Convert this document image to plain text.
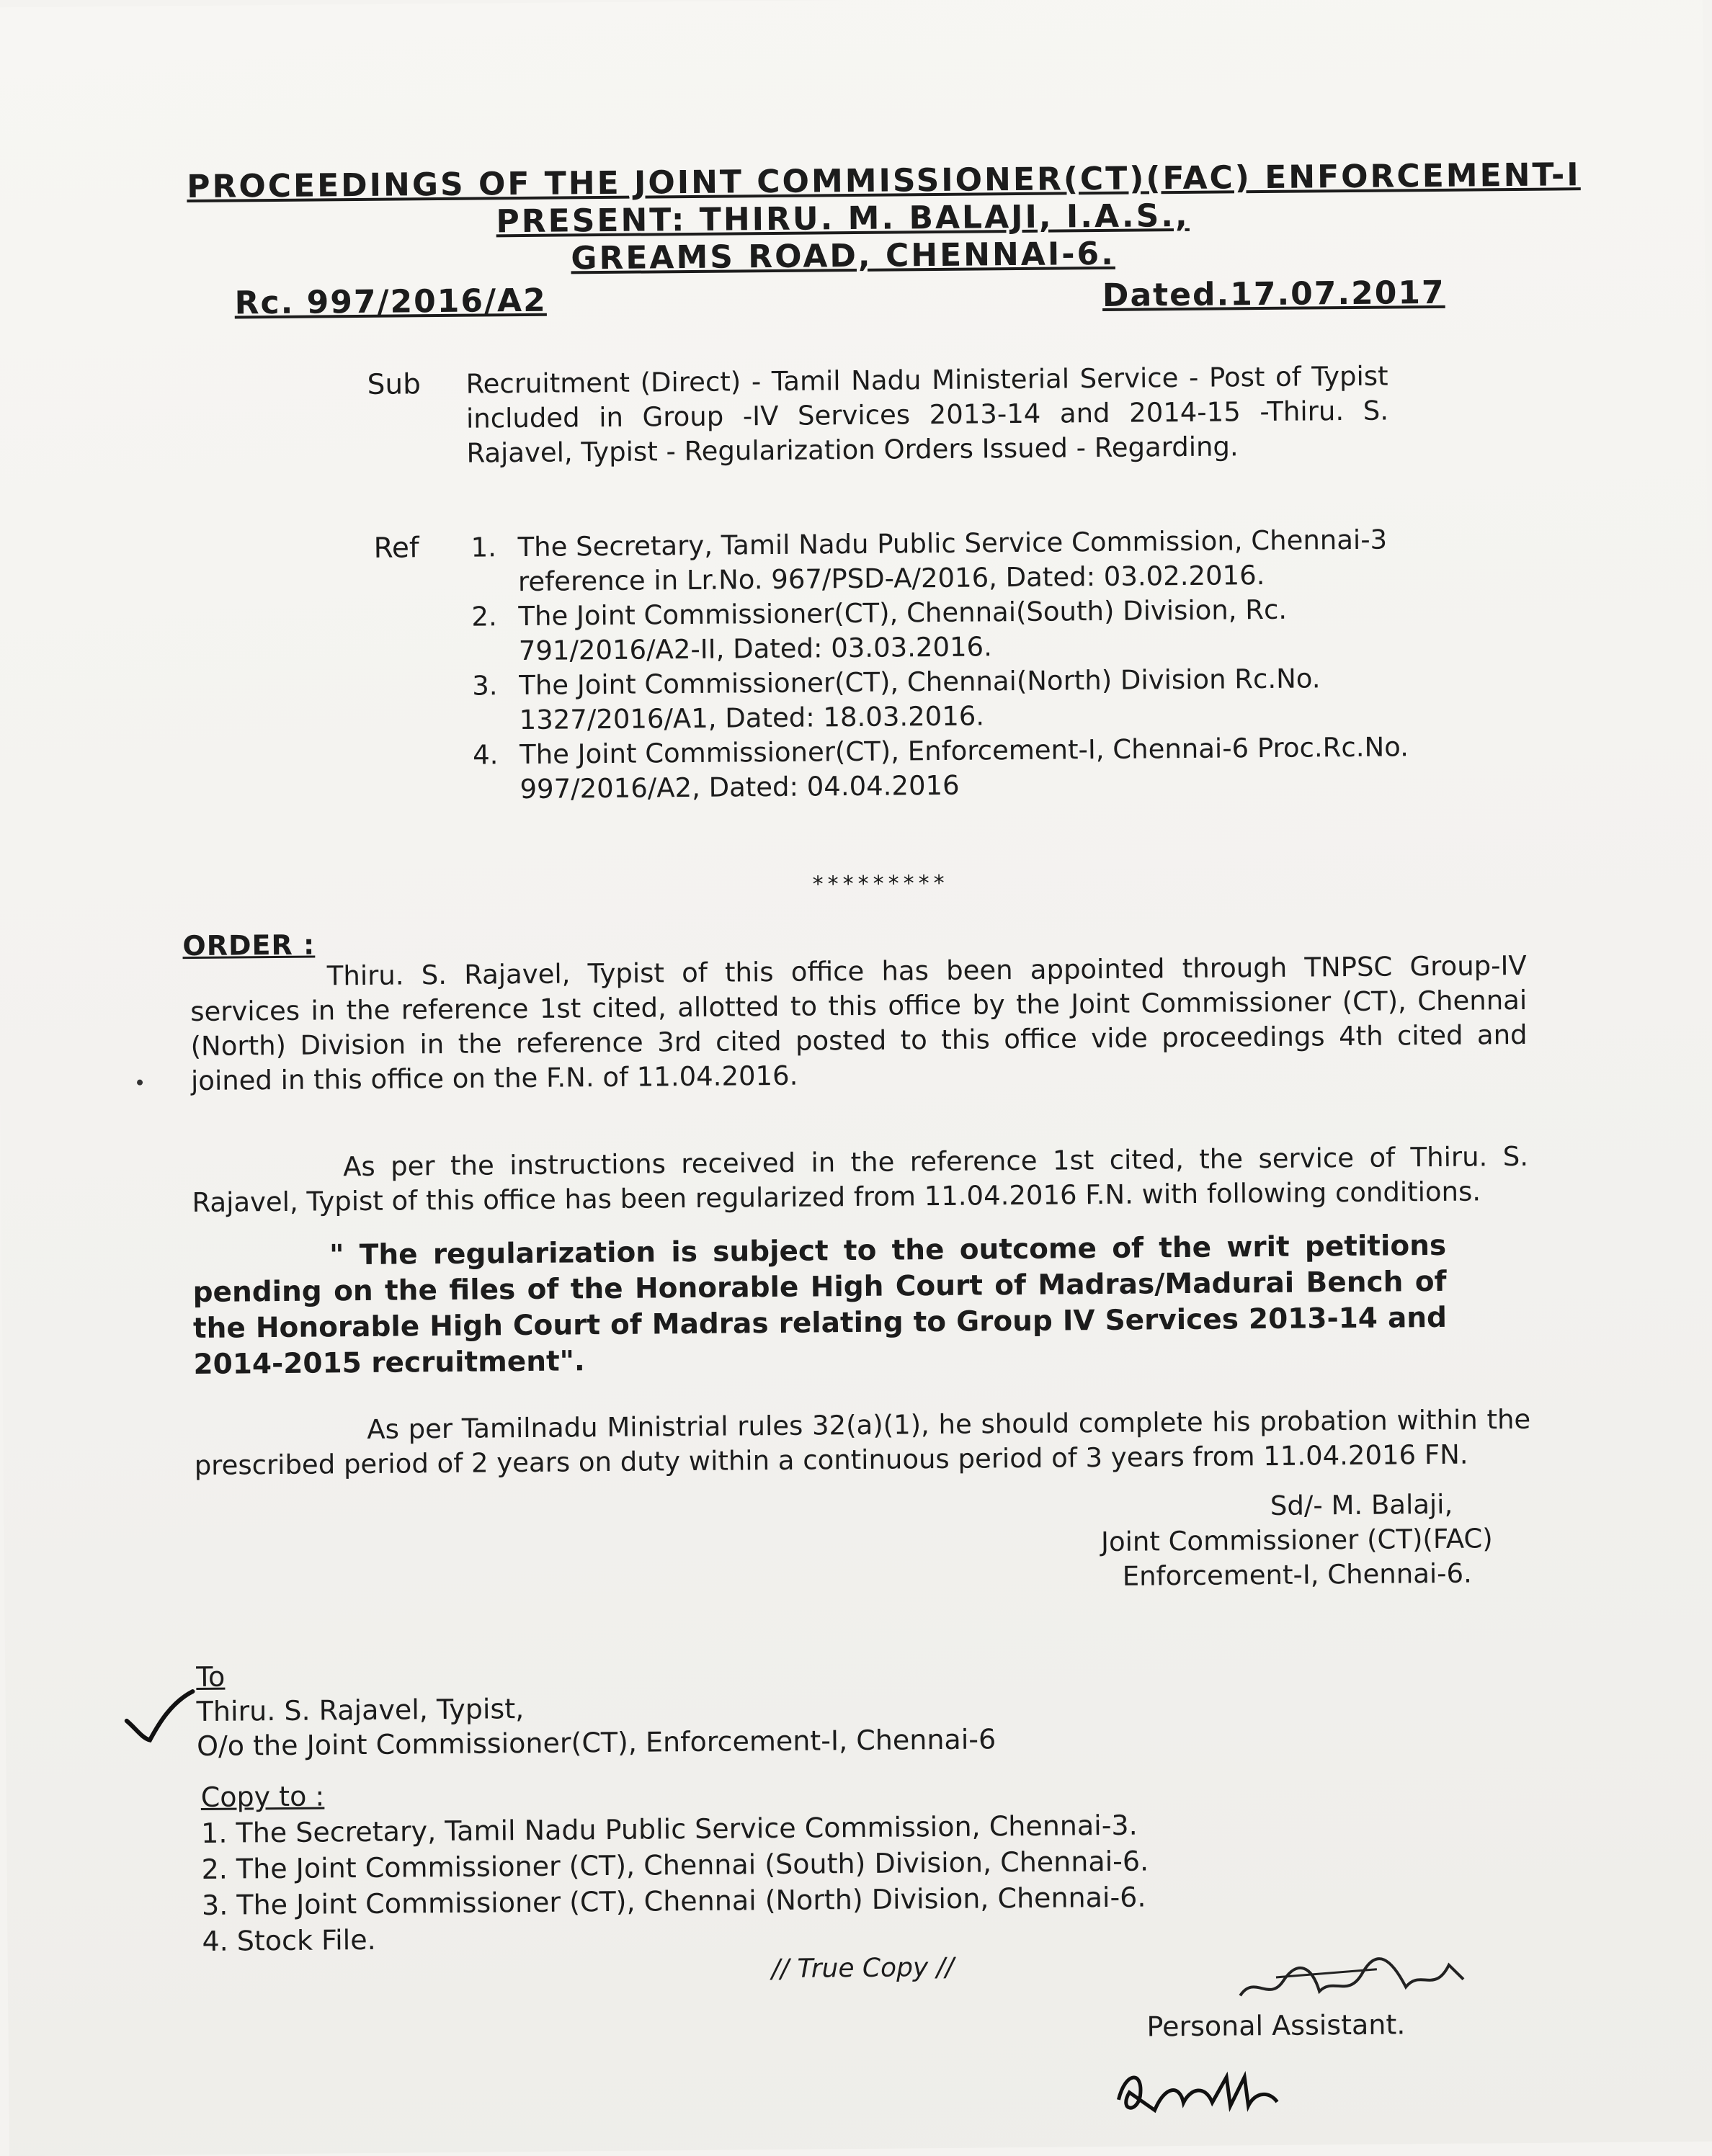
PROCEEDINGS OF THE JOINT COMMISSIONER(CT)(FAC) ENFORCEMENT-I

PRESENT: THIRU. M. BALAJI, I.A.S.,

GREAMS ROAD, CHENNAI-6.

Rc. 997/2016/A2	Dated.17.07.2017
Sub Recruitment (Direct) - Tamil Nadu Ministerial Service - Post of Typist included in Group -IV Services 2013-14 and 2014-15 -Thiru. S. Rajavel, Typist - Regularization Orders Issued - Regarding.
Ref 1. The Secretary, Tamil Nadu Public Service Commission, Chennai-3 reference in Lr.No. 967/PSD-A/2016, Dated: 03.02.2016.
2. The Joint Commissioner(CT), Chennai(South) Division, Rc. 791/2016/A2-II, Dated: 03.03.2016.
3. The Joint Commissioner(CT), Chennai(North) Division Rc.No. 1327/2016/A1, Dated: 18.03.2016.
4. The Joint Commissioner(CT), Enforcement-I, Chennai-6 Proc.Rc.No. 997/2016/A2, Dated: 04.04.2016
*********
ORDER :
Thiru. S. Rajavel, Typist of this office has been appointed through TNPSC Group-IV services in the reference 1st cited, allotted to this office by the Joint Commissioner (CT), Chennai (North) Division in the reference 3rd cited posted to this office vide proceedings 4th cited and joined in this office on the F.N. of 11.04.2016.
As per the instructions received in the reference 1st cited, the service of Thiru. S. Rajavel, Typist of this office has been regularized from 11.04.2016 F.N. with following conditions.
" The regularization is subject to the outcome of the writ petitions pending on the files of the Honorable High Court of Madras/Madurai Bench of the Honorable High Court of Madras relating to Group IV Services 2013-14 and 2014-2015 recruitment".
As per Tamilnadu Ministrial rules 32(a)(1), he should complete his probation within the prescribed period of 2 years on duty within a continuous period of 3 years from 11.04.2016 FN.
Sd/- M. Balaji,
Joint Commissioner (CT)(FAC)
Enforcement-I, Chennai-6.
To
Thiru. S. Rajavel, Typist,
O/o the Joint Commissioner(CT), Enforcement-I, Chennai-6
Copy to :
1. The Secretary, Tamil Nadu Public Service Commission, Chennai-3.
2. The Joint Commissioner (CT), Chennai (South) Division, Chennai-6.
3. The Joint Commissioner (CT), Chennai (North) Division, Chennai-6.
4. Stock File.
// True Copy //
Personal Assistant.
